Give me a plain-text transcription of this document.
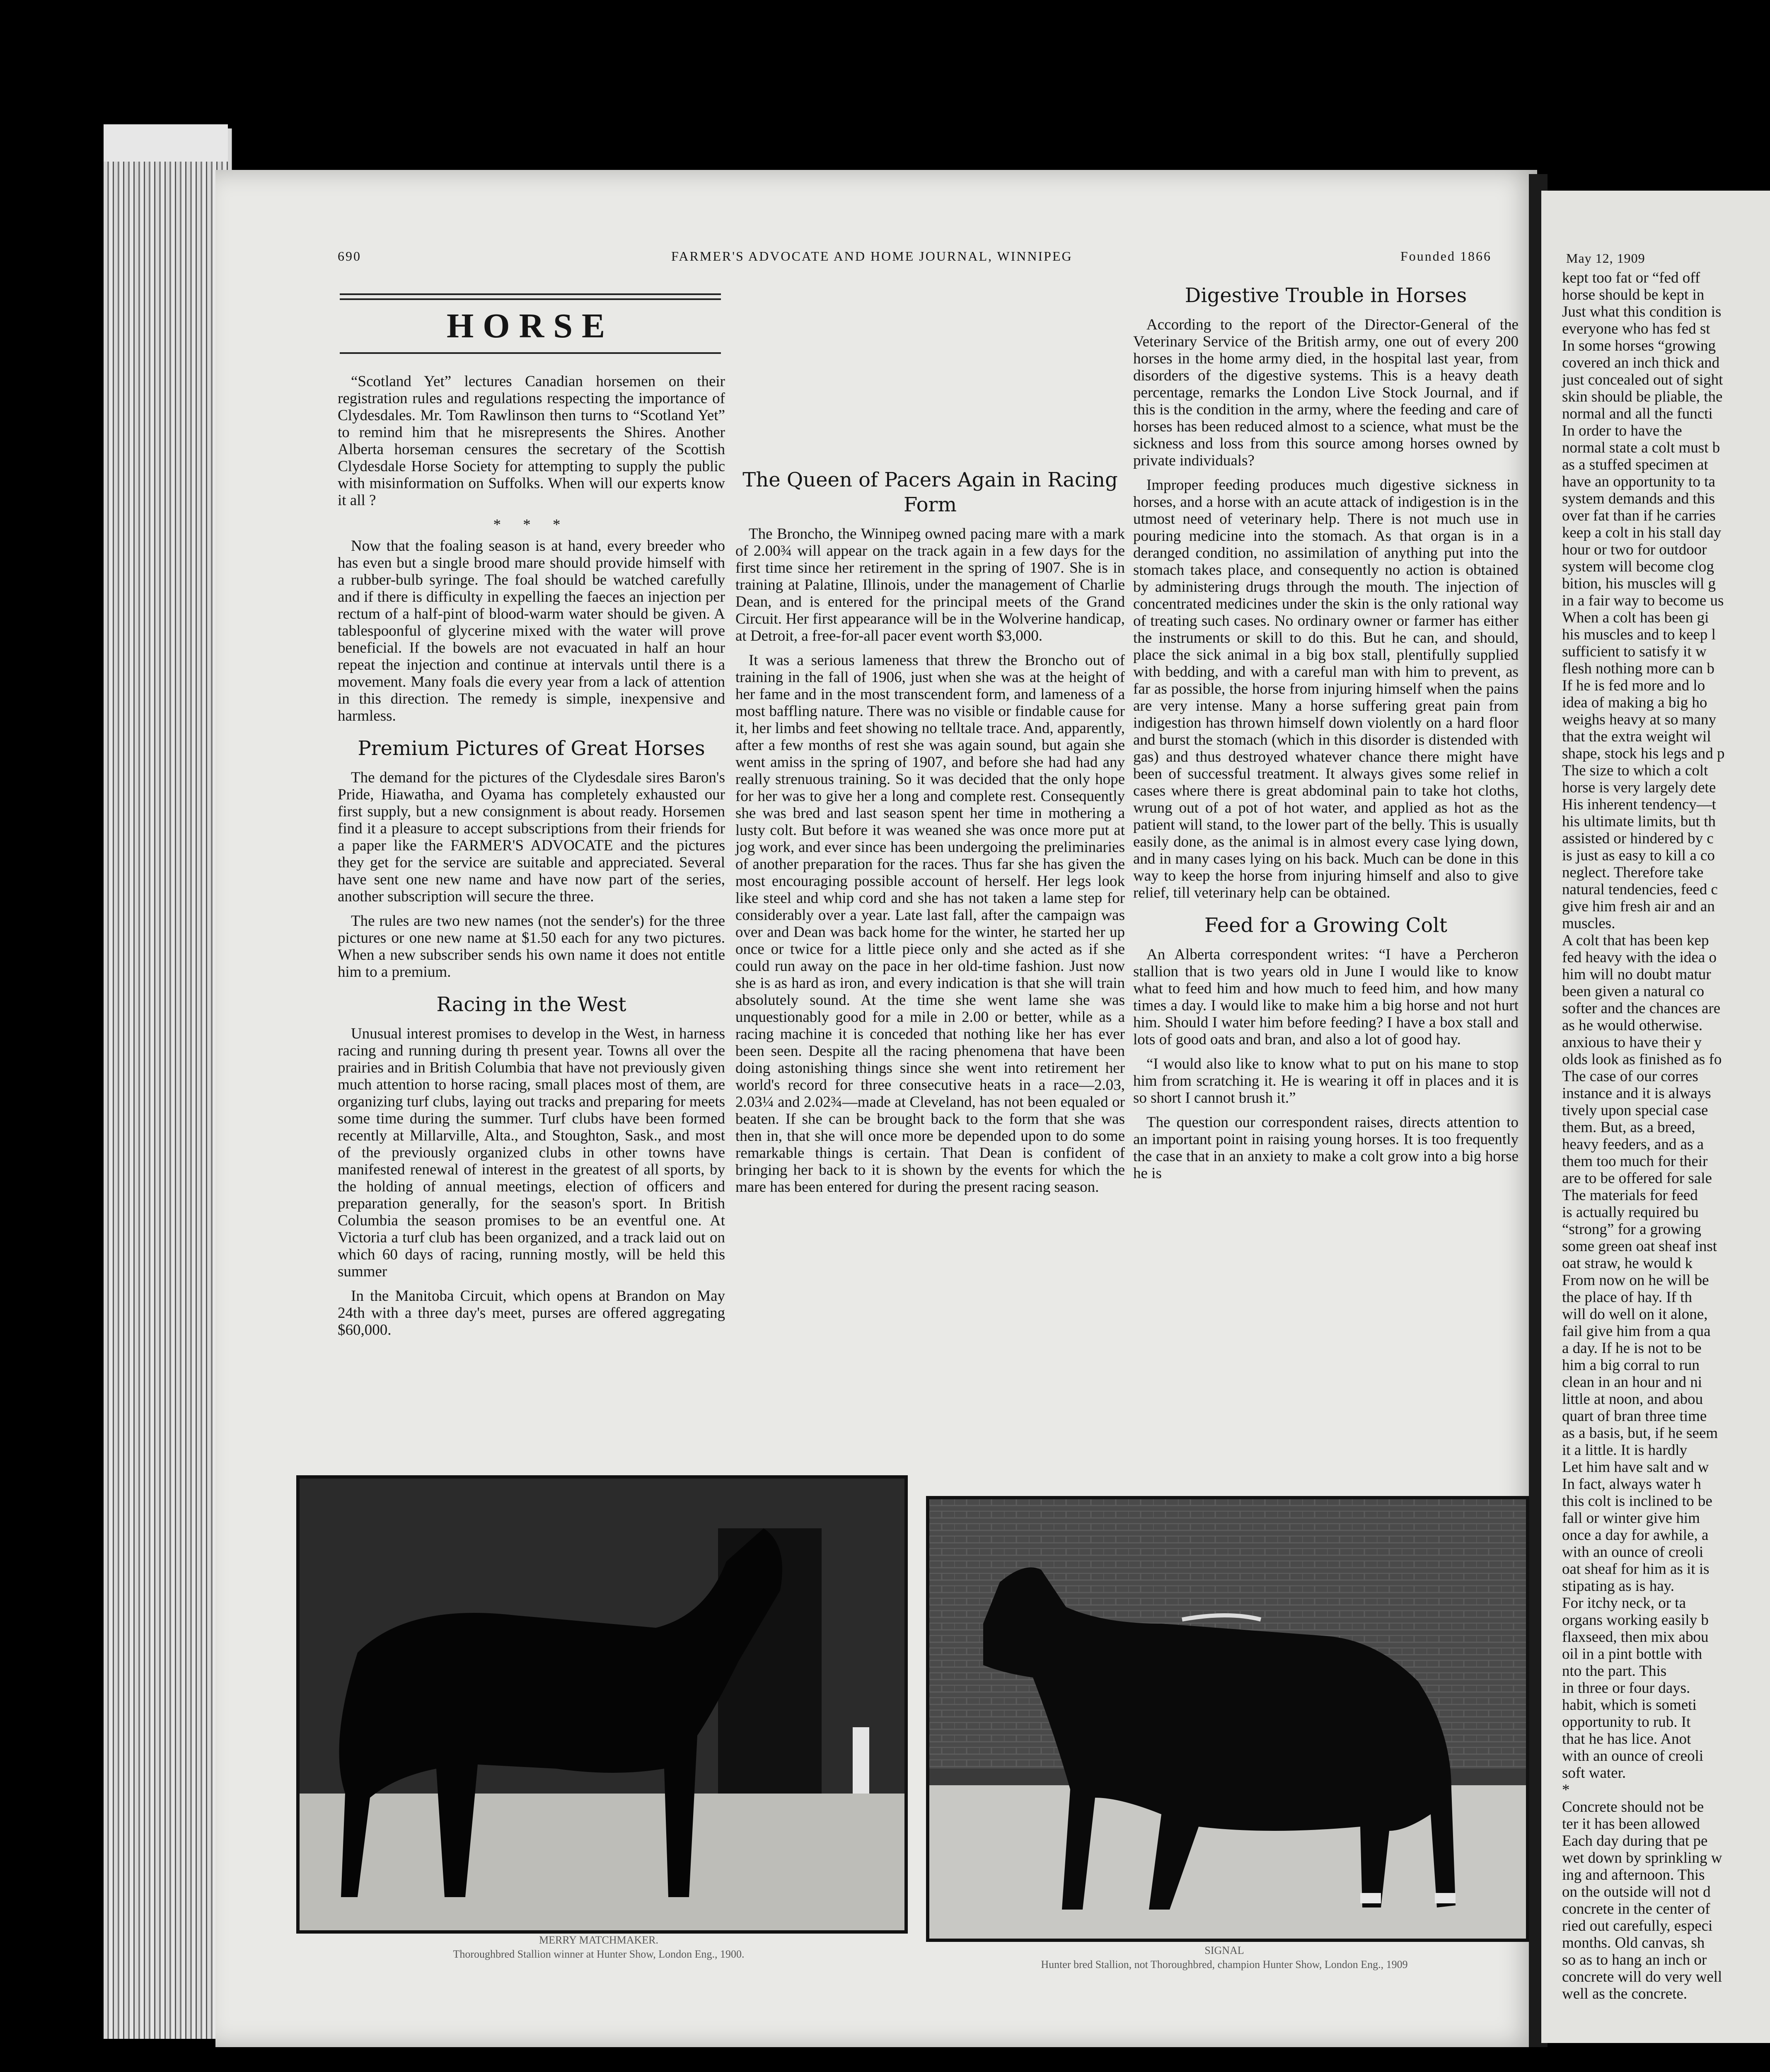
690	FARMER'S ADVOCATE AND HOME JOURNAL, WINNIPEG	Founded 1866	May 12, 1909
HORSE

“Scotland Yet” lectures Canadian horsemen on their registration rules and regulations respecting the importance of Clydesdales. Mr. Tom Rawlinson then turns to “Scotland Yet” to remind him that he misrepresents the Shires. Another Alberta horseman censures the secretary of the Scottish Clydesdale Horse Society for attempting to supply the public with misinformation on Suffolks. When will our experts know it all ?

* * *

Now that the foaling season is at hand, every breeder who has even but a single brood mare should provide himself with a rubber-bulb syringe. The foal should be watched carefully and if there is difficulty in expelling the faeces an injection per rectum of a half-pint of blood-warm water should be given. A tablespoonful of glycerine mixed with the water will prove beneficial. If the bowels are not evacuated in half an hour repeat the injection and continue at intervals until there is a movement. Many foals die every year from a lack of attention in this direction. The remedy is simple, inexpensive and harmless.

Premium Pictures of Great Horses

The demand for the pictures of the Clydesdale sires Baron's Pride, Hiawatha, and Oyama has completely exhausted our first supply, but a new consignment is about ready. Horsemen find it a pleasure to accept subscriptions from their friends for a paper like the FARMER'S ADVOCATE and the pictures they get for the service are suitable and appreciated. Several have sent one new name and have now part of the series, another subscription will secure the three.

The rules are two new names (not the sender's) for the three pictures or one new name at $1.50 each for any two pictures. When a new subscriber sends his own name it does not entitle him to a premium.

Racing in the West

Unusual interest promises to develop in the West, in harness racing and running during th present year. Towns all over the prairies and in British Columbia that have not previously given much attention to horse racing, small places most of them, are organizing turf clubs, laying out tracks and preparing for meets some time during the summer. Turf clubs have been formed recently at Millarville, Alta., and Stoughton, Sask., and most of the previously organized clubs in other towns have manifested renewal of interest in the greatest of all sports, by the holding of annual meetings, election of officers and preparation generally, for the season's sport. In British Columbia the season promises to be an eventful one. At Victoria a turf club has been organized, and a track laid out on which 60 days of racing, running mostly, will be held this summer

In the Manitoba Circuit, which opens at Brandon on May 24th with a three day's meet, purses are offered aggregating $60,000.

The Queen of Pacers Again in Racing Form

The Broncho, the Winnipeg owned pacing mare with a mark of 2.00¾ will appear on the track again in a few days for the first time since her retirement in the spring of 1907. She is in training at Palatine, Illinois, under the management of Charlie Dean, and is entered for the principal meets of the Grand Circuit. Her first appearance will be in the Wolverine handicap, at Detroit, a free-for-all pacer event worth $3,000.

It was a serious lameness that threw the Broncho out of training in the fall of 1906, just when she was at the height of her fame and in the most transcendent form, and lameness of a most baffling nature. There was no visible or findable cause for it, her limbs and feet showing no telltale trace. And, apparently, after a few months of rest she was again sound, but again she went amiss in the spring of 1907, and before she had had any really strenuous training. So it was decided that the only hope for her was to give her a long and complete rest. Consequently she was bred and last season spent her time in mothering a lusty colt. But before it was weaned she was once more put at jog work, and ever since has been undergoing the preliminaries of another preparation for the races. Thus far she has given the most encouraging possible account of herself. Her legs look like steel and whip cord and she has not taken a lame step for considerably over a year. Late last fall, after the campaign was over and Dean was back home for the winter, he started her up once or twice for a little piece only and she acted as if she could run away on the pace in her old-time fashion. Just now she is as hard as iron, and every indication is that she will train absolutely sound. At the time she went lame she was unquestionably good for a mile in 2.00 or better, while as a racing machine it is conceded that nothing like her has ever been seen. Despite all the racing phenomena that have been doing astonishing things since she went into retirement her world's record for three consecutive heats in a race—2.03, 2.03¼ and 2.02¾—made at Cleveland, has not been equaled or beaten. If she can be brought back to the form that she was then in, that she will once more be depended upon to do some remarkable things is certain. That Dean is confident of bringing her back to it is shown by the events for which the mare has been entered for during the present racing season.

Digestive Trouble in Horses

According to the report of the Director-General of the Veterinary Service of the British army, one out of every 200 horses in the home army died, in the hospital last year, from disorders of the digestive systems. This is a heavy death percentage, remarks the London Live Stock Journal, and if this is the condition in the army, where the feeding and care of horses has been reduced almost to a science, what must be the sickness and loss from this source among horses owned by private individuals?

Improper feeding produces much digestive sickness in horses, and a horse with an acute attack of indigestion is in the utmost need of veterinary help. There is not much use in pouring medicine into the stomach. As that organ is in a deranged condition, no assimilation of anything put into the stomach takes place, and consequently no action is obtained by administering drugs through the mouth. The injection of concentrated medicines under the skin is the only rational way of treating such cases. No ordinary owner or farmer has either the instruments or skill to do this. But he can, and should, place the sick animal in a big box stall, plentifully supplied with bedding, and with a careful man with him to prevent, as far as possible, the horse from injuring himself when the pains are very intense. Many a horse suffering great pain from indigestion has thrown himself down violently on a hard floor and burst the stomach (which in this disorder is distended with gas) and thus destroyed whatever chance there might have been of successful treatment. It always gives some relief in cases where there is great abdominal pain to take hot cloths, wrung out of a pot of hot water, and applied as hot as the patient will stand, to the lower part of the belly. This is usually easily done, as the animal is in almost every case lying down, and in many cases lying on his back. Much can be done in this way to keep the horse from injuring himself and also to give relief, till veterinary help can be obtained.

Feed for a Growing Colt

An Alberta correspondent writes: “I have a Percheron stallion that is two years old in June I would like to know what to feed him and how much to feed him, and how many times a day. I would like to make him a big horse and not hurt him. Should I water him before feeding? I have a box stall and lots of good oats and bran, and also a lot of good hay.

“I would also like to know what to put on his mane to stop him from scratching it. He is wearing it off in places and it is so short I cannot brush it.”

The question our correspondent raises, directs attention to an important point in raising young horses. It is too frequently the case that in an anxiety to make a colt grow into a big horse he is

MERRY MATCHMAKER.
Thoroughbred Stallion winner at Hunter Show, London Eng., 1900.	SIGNAL
Hunter bred Stallion, not Thoroughbred, champion Hunter Show, London Eng., 1909

kept too fat or “fed off

horse should be kept in

Just what this condition is

everyone who has fed st

In some horses “growing

covered an inch thick and

just concealed out of sight

skin should be pliable, the

normal and all the functi

In order to have the

normal state a colt must b

as a stuffed specimen at

have an opportunity to ta

system demands and this

over fat than if he carries

keep a colt in his stall day

hour or two for outdoor

system will become clog

bition, his muscles will g

in a fair way to become us

When a colt has been gi

his muscles and to keep l

sufficient to satisfy it w

flesh nothing more can b

If he is fed more and lo

idea of making a big ho

weighs heavy at so many

that the extra weight wil

shape, stock his legs and p

The size to which a colt

horse is very largely dete

His inherent tendency—t

his ultimate limits, but th

assisted or hindered by c

is just as easy to kill a co

neglect. Therefore take

natural tendencies, feed c

give him fresh air and an

muscles.

A colt that has been kep

fed heavy with the idea o

him will no doubt matur

been given a natural co

softer and the chances are

as he would otherwise.

anxious to have their y

olds look as finished as fo

The case of our corres

instance and it is always

tively upon special case

them. But, as a breed,

heavy feeders, and as a

them too much for their

are to be offered for sale

The materials for feed

is actually required bu

“strong” for a growing

some green oat sheaf inst

oat straw, he would k

From now on he will be

the place of hay. If th

will do well on it alone,

fail give him from a qua

a day. If he is not to be

him a big corral to run

clean in an hour and ni

little at noon, and abou

quart of bran three time

as a basis, but, if he seem

it a little. It is hardly

Let him have salt and w

In fact, always water h

this colt is inclined to be

fall or winter give him

once a day for awhile, a

with an ounce of creoli

oat sheaf for him as it is

stipating as is hay.

For itchy neck, or ta

organs working easily b

flaxseed, then mix abou

oil in a pint bottle with

nto the part. This

in three or four days.

habit, which is someti

opportunity to rub. It

that he has lice. Anot

with an ounce of creoli

soft water.

*

Concrete should not be

ter it has been allowed

Each day during that pe

wet down by sprinkling w

ing and afternoon. This

on the outside will not d

concrete in the center of

ried out carefully, especi

months. Old canvas, sh

so as to hang an inch or

concrete will do very well

well as the concrete.
